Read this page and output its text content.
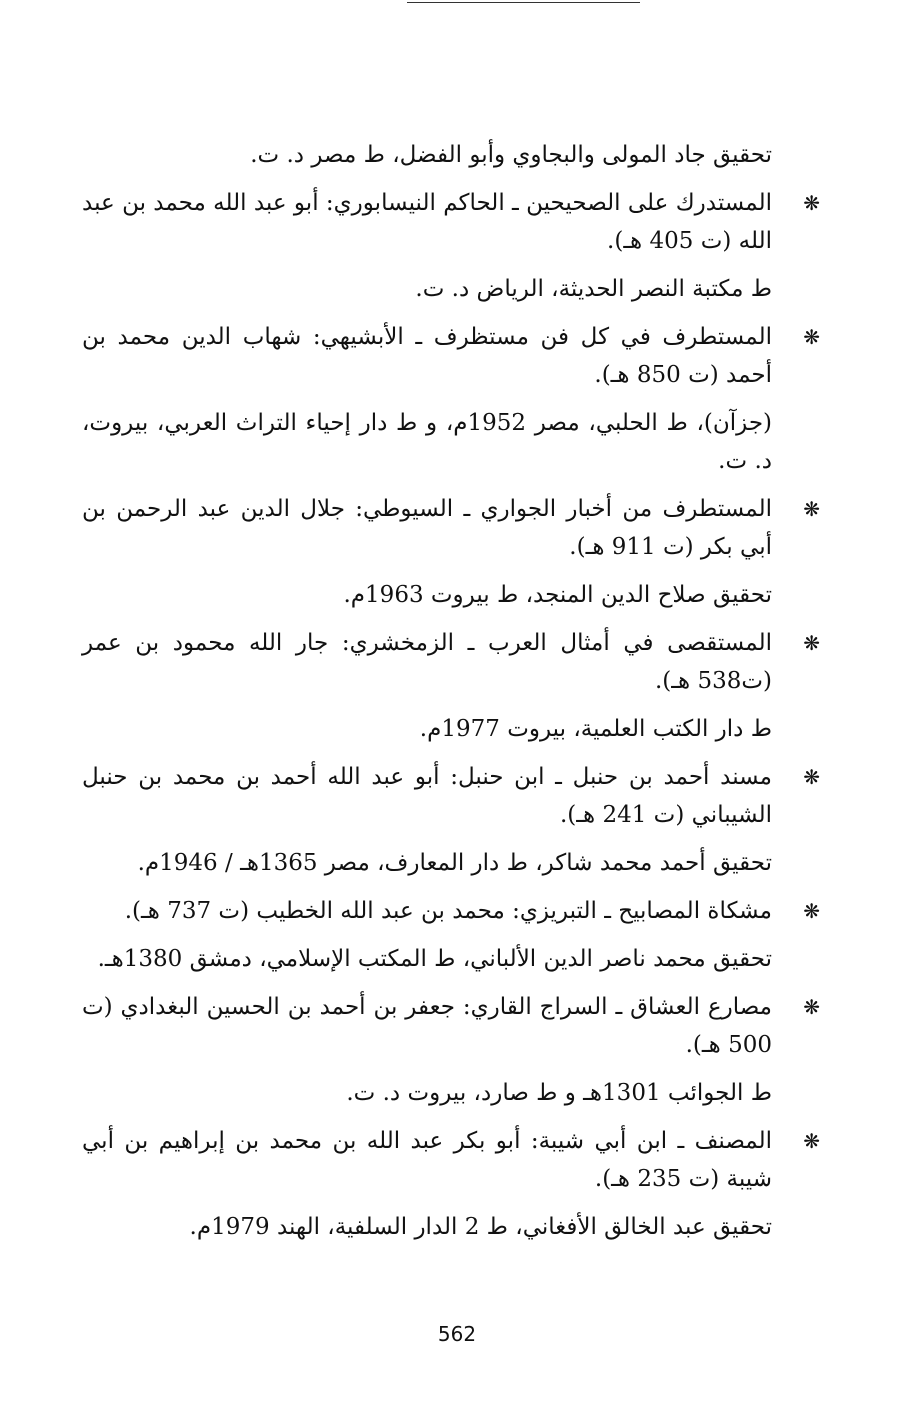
تحقيق جاد المولى والبجاوي وأبو الفضل، ط مصر د. ت.

❋
المستدرك على الصحيحين ـ الحاكم النيسابوري: أبو عبد الله محمد بن عبد الله (ت 405 هـ).

ط مكتبة النصر الحديثة، الرياض د. ت.

❋
المستطرف في كل فن مستظرف ـ الأبشيهي: شهاب الدين محمد بن أحمد (ت 850 هـ).

(جزآن)، ط الحلبي، مصر 1952م، و ط دار إحياء التراث العربي، بيروت، د. ت.

❋
المستطرف من أخبار الجواري ـ السيوطي: جلال الدين عبد الرحمن بن أبي بكر (ت 911 هـ).

تحقيق صلاح الدين المنجد، ط بيروت 1963م.

❋
المستقصى في أمثال العرب ـ الزمخشري: جار الله محمود بن عمر (ت538 هـ).

ط دار الكتب العلمية، بيروت 1977م.

❋
مسند أحمد بن حنبل ـ ابن حنبل: أبو عبد الله أحمد بن محمد بن حنبل الشيباني (ت 241 هـ).

تحقيق أحمد محمد شاكر، ط دار المعارف، مصر 1365هـ / 1946م.

❋
مشكاة المصابيح ـ التبريزي: محمد بن عبد الله الخطيب (ت 737 هـ).

تحقيق محمد ناصر الدين الألباني، ط المكتب الإسلامي، دمشق 1380هـ.

❋
مصارع العشاق ـ السراج القاري: جعفر بن أحمد بن الحسين البغدادي (ت 500 هـ).

ط الجوائب 1301هـ و ط صارد، بيروت د. ت.

❋
المصنف ـ ابن أبي شيبة: أبو بكر عبد الله بن محمد بن إبراهيم بن أبي شيبة (ت 235 هـ).

تحقيق عبد الخالق الأفغاني، ط 2 الدار السلفية، الهند 1979م.

562
